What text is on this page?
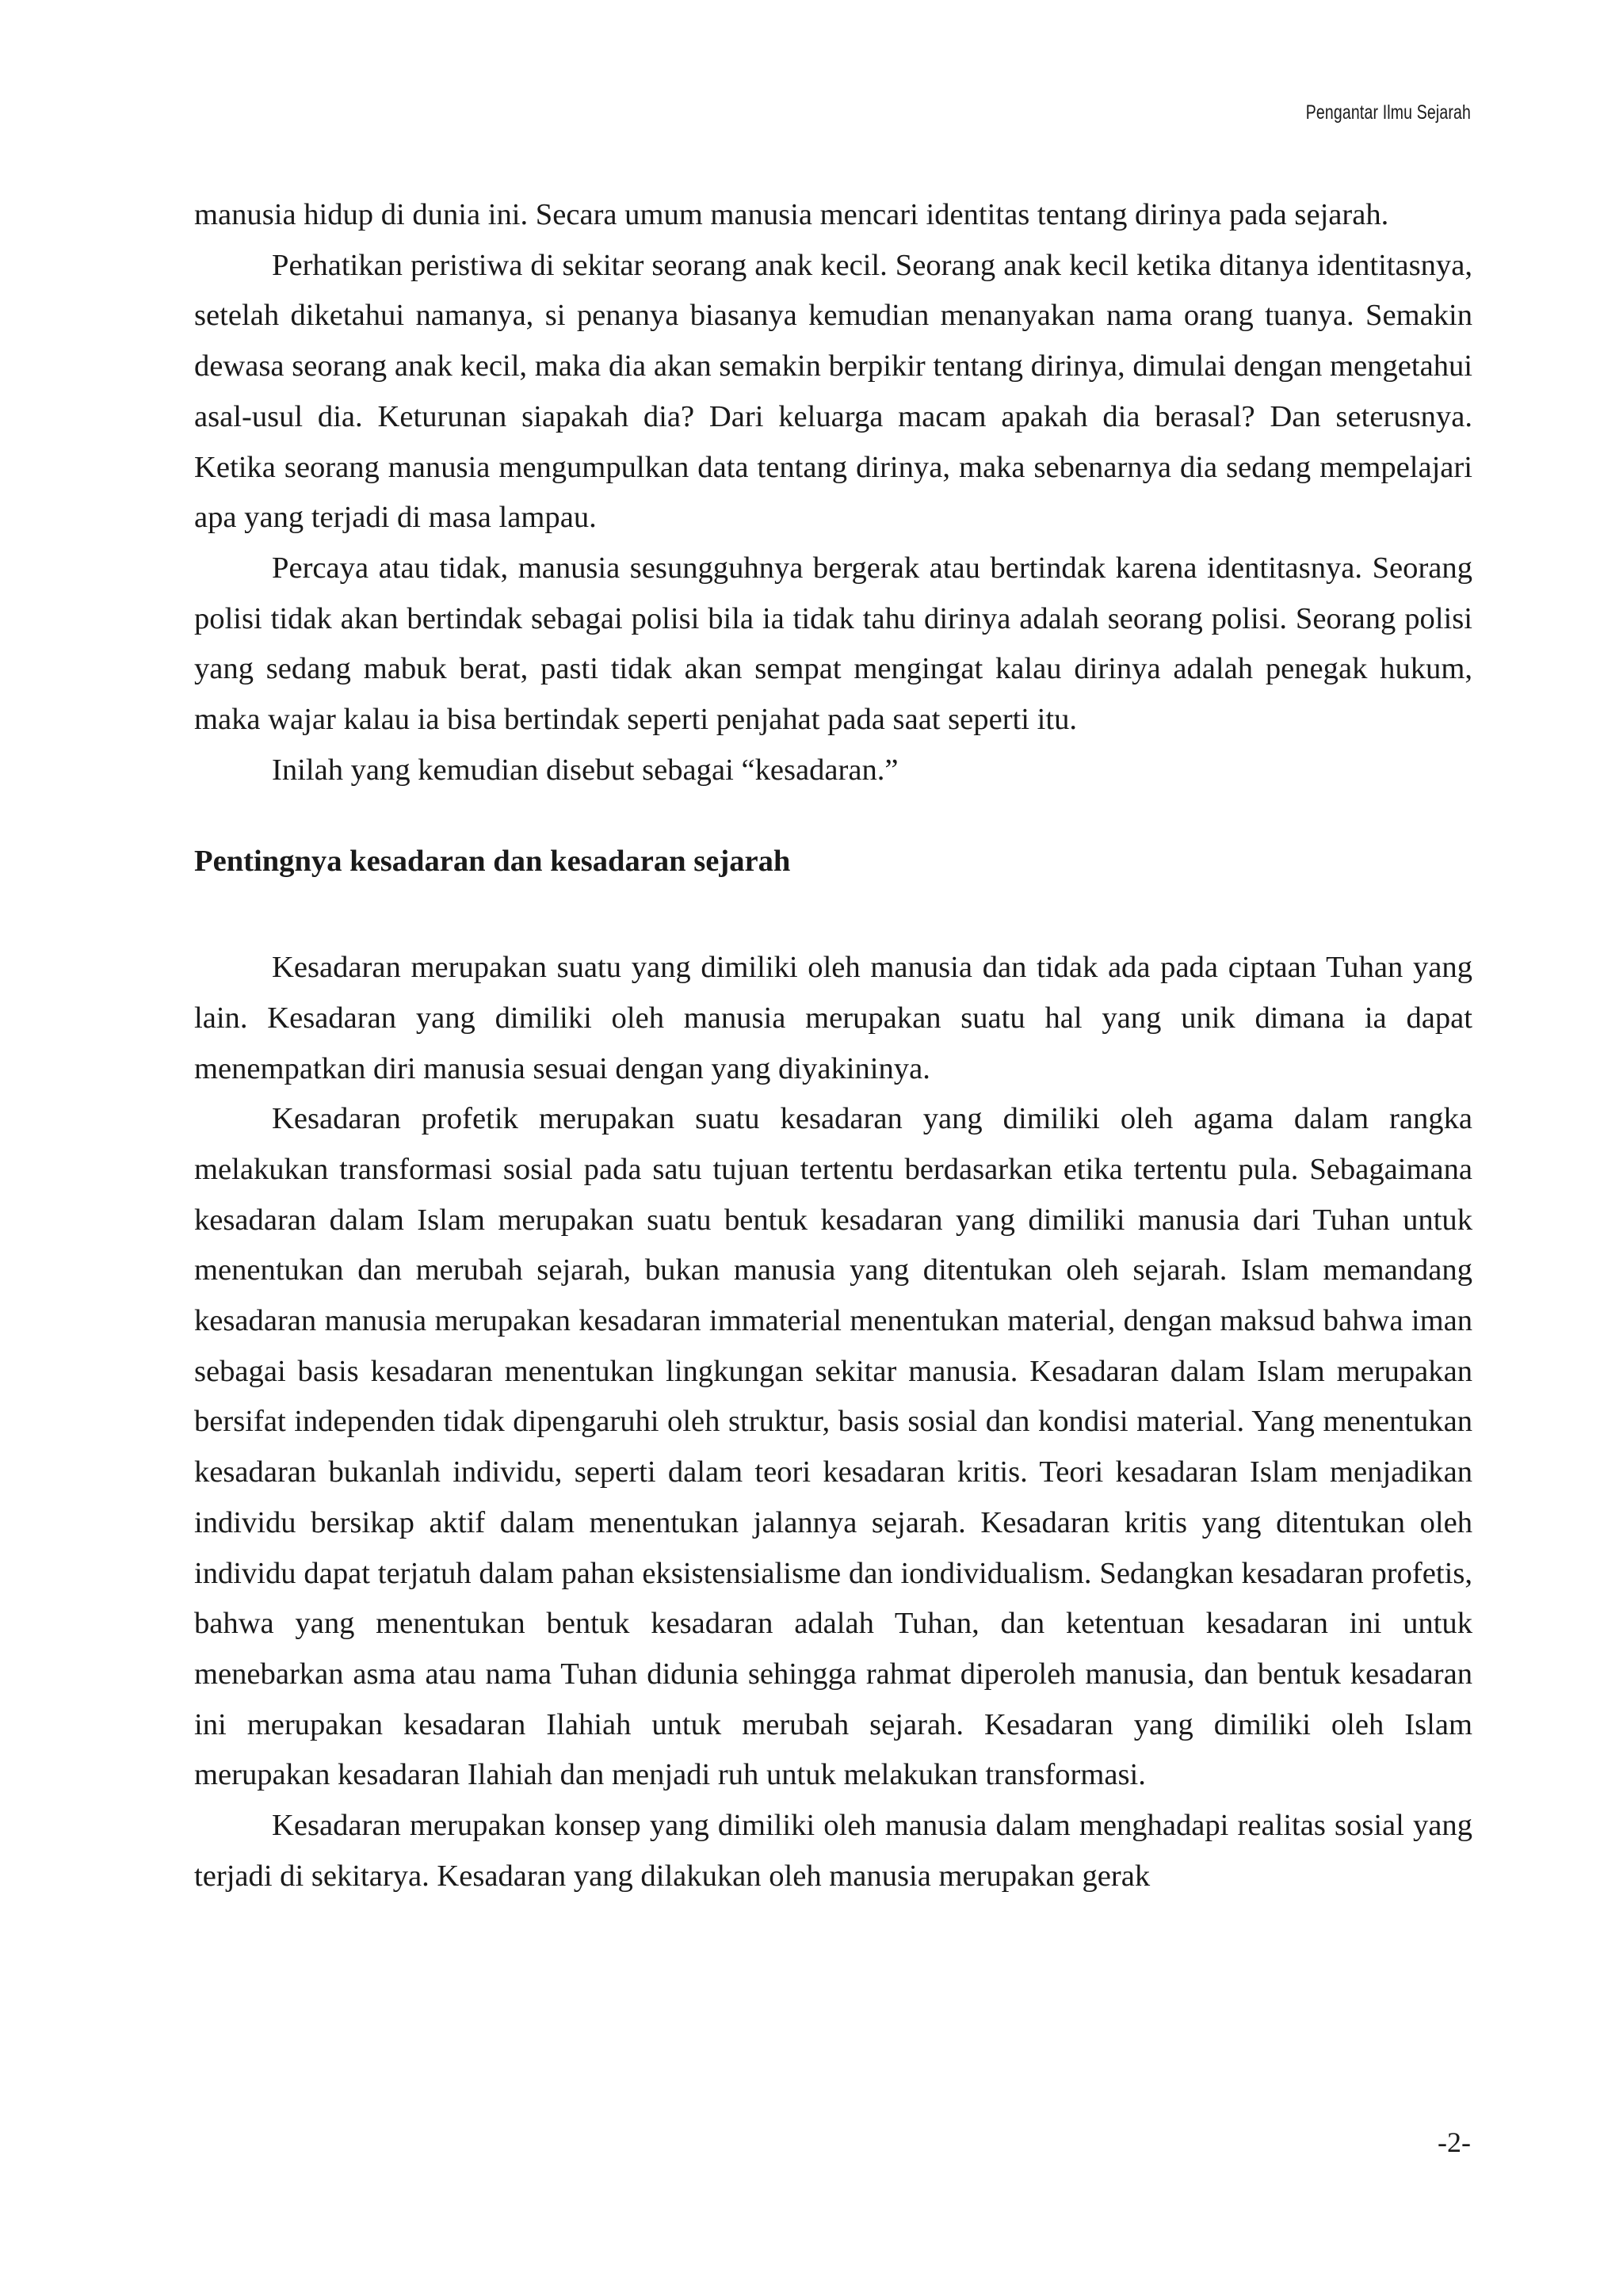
Pengantar Ilmu Sejarah

manusia hidup di dunia ini. Secara umum manusia mencari identitas tentang dirinya pada sejarah.

Perhatikan peristiwa di sekitar seorang anak kecil. Seorang anak kecil ketika ditanya identitasnya, setelah diketahui namanya, si penanya biasanya kemudian menanyakan nama orang tuanya. Semakin dewasa seorang anak kecil, maka dia akan semakin berpikir tentang dirinya, dimulai dengan mengetahui asal-usul dia. Keturunan siapakah dia? Dari keluarga macam apakah dia berasal? Dan seterusnya. Ketika seorang manusia mengumpulkan data tentang dirinya, maka sebenarnya dia sedang mempelajari apa yang terjadi di masa lampau.

Percaya atau tidak, manusia sesungguhnya bergerak atau bertindak karena identitasnya. Seorang polisi tidak akan bertindak sebagai polisi bila ia tidak tahu dirinya adalah seorang polisi. Seorang polisi yang sedang mabuk berat, pasti tidak akan sempat mengingat kalau dirinya adalah penegak hukum, maka wajar kalau ia bisa bertindak seperti penjahat pada saat seperti itu.

Inilah yang kemudian disebut sebagai “kesadaran.”

Pentingnya kesadaran dan kesadaran sejarah

Kesadaran merupakan suatu yang dimiliki oleh manusia dan tidak ada pada ciptaan Tuhan yang lain. Kesadaran yang dimiliki oleh manusia merupakan suatu hal yang unik dimana ia dapat menempatkan diri manusia sesuai dengan yang diyakininya.

Kesadaran profetik merupakan suatu kesadaran yang dimiliki oleh agama dalam rangka melakukan transformasi sosial pada satu tujuan tertentu berdasarkan etika tertentu pula. Sebagaimana kesadaran dalam Islam merupakan suatu bentuk kesadaran yang dimiliki manusia dari Tuhan untuk menentukan dan merubah sejarah, bukan manusia yang ditentukan oleh sejarah. Islam memandang kesadaran manusia merupakan kesadaran immaterial menentukan material, dengan maksud bahwa iman sebagai basis kesadaran menentukan lingkungan sekitar manusia. Kesadaran dalam Islam merupakan bersifat independen tidak dipengaruhi oleh struktur, basis sosial dan kondisi material. Yang menentukan kesadaran bukanlah individu, seperti dalam teori kesadaran kritis. Teori kesadaran Islam menjadikan individu bersikap aktif dalam menentukan jalannya sejarah. Kesadaran kritis yang ditentukan oleh individu dapat terjatuh dalam pahan eksistensialisme dan iondividualism. Sedangkan kesadaran profetis, bahwa yang menentukan bentuk kesadaran adalah Tuhan, dan ketentuan kesadaran ini untuk menebarkan asma atau nama Tuhan didunia sehingga rahmat diperoleh manusia, dan bentuk kesadaran ini merupakan kesadaran Ilahiah untuk merubah sejarah. Kesadaran yang dimiliki oleh Islam merupakan kesadaran Ilahiah dan menjadi ruh untuk melakukan transformasi.

Kesadaran merupakan konsep yang dimiliki oleh manusia dalam menghadapi realitas sosial yang terjadi di sekitarya. Kesadaran yang dilakukan oleh manusia merupakan gerak

-2-
